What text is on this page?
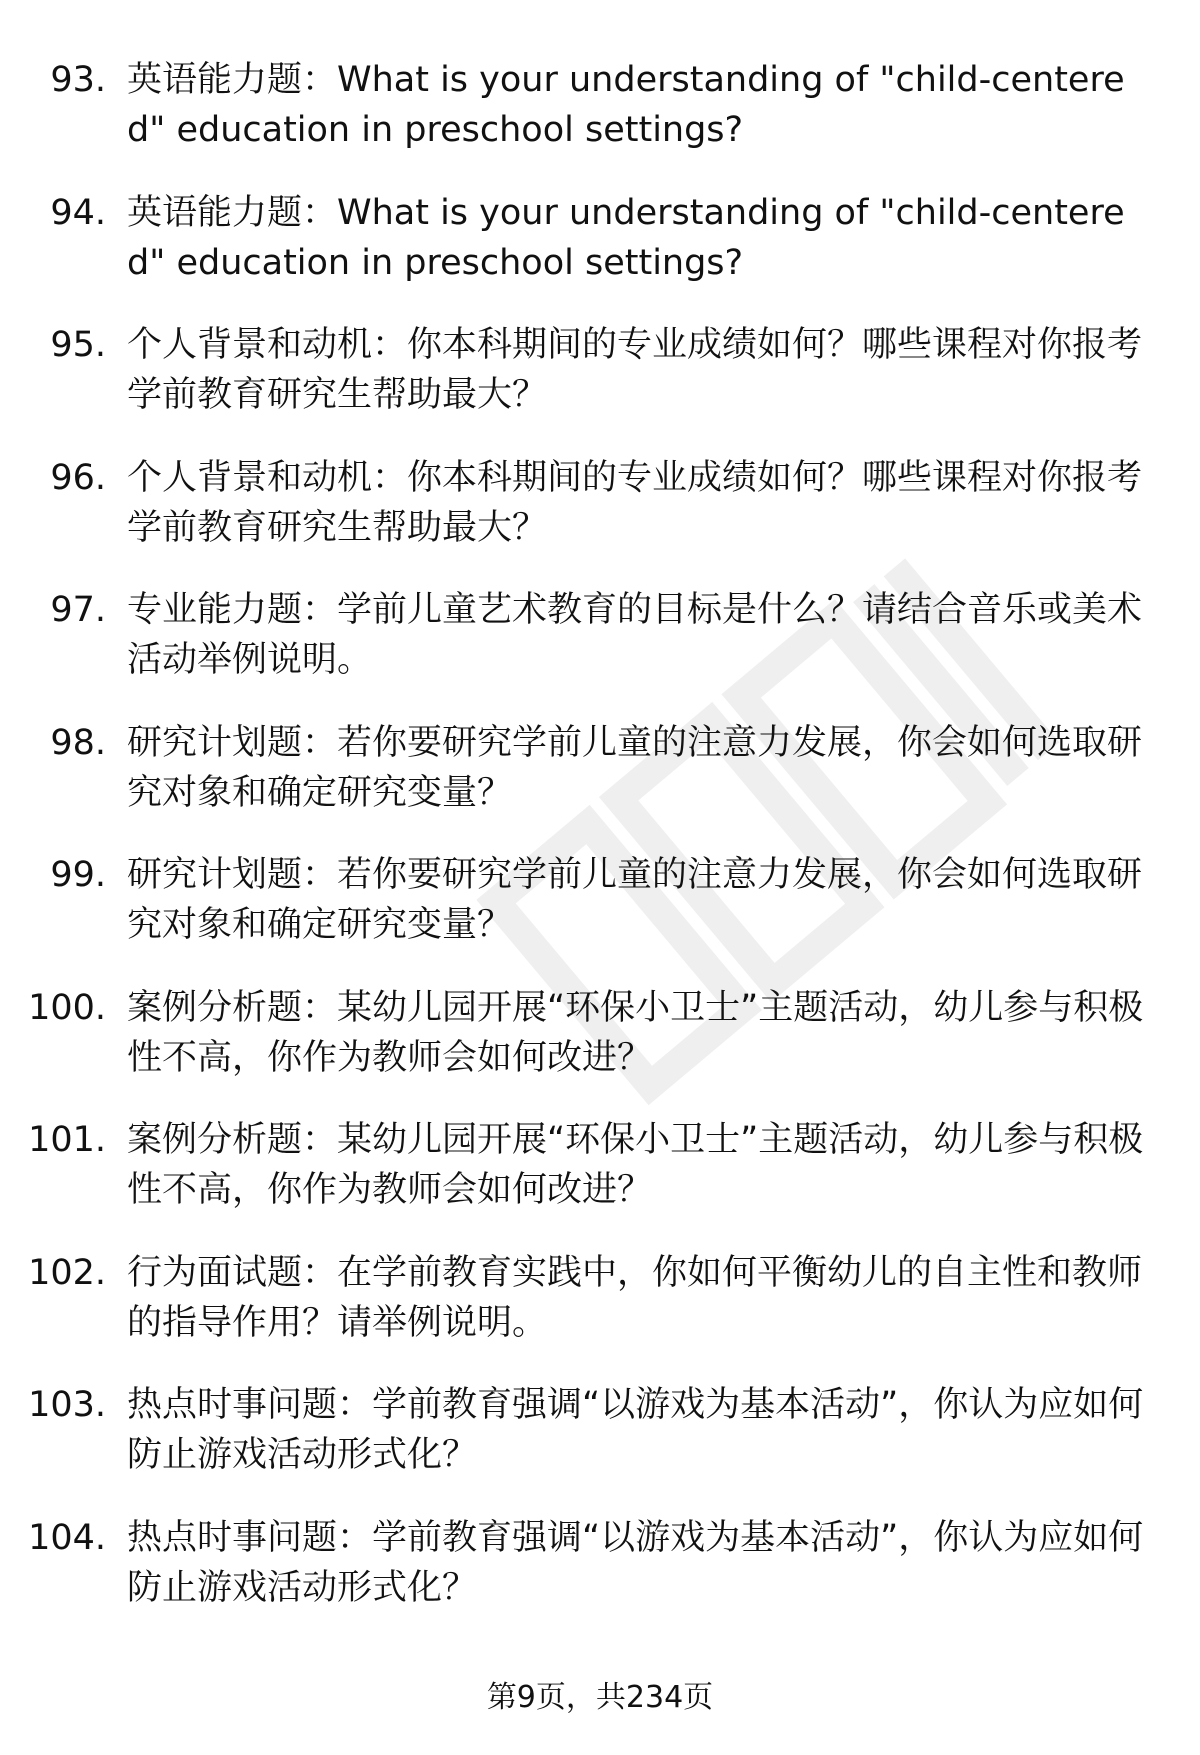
93. 英语能力题：What is your understanding of "child-centered" education in preschool settings?
94. 英语能力题：What is your understanding of "child-centered" education in preschool settings?
95. 个人背景和动机：你本科期间的专业成绩如何？哪些课程对你报考学前教育研究生帮助最大？
96. 个人背景和动机：你本科期间的专业成绩如何？哪些课程对你报考学前教育研究生帮助最大？
97. 专业能力题：学前儿童艺术教育的目标是什么？请结合音乐或美术活动举例说明。
98. 研究计划题：若你要研究学前儿童的注意力发展，你会如何选取研究对象和确定研究变量？
99. 研究计划题：若你要研究学前儿童的注意力发展，你会如何选取研究对象和确定研究变量？
100. 案例分析题：某幼儿园开展“环保小卫士”主题活动，幼儿参与积极性不高，你作为教师会如何改进？
101. 案例分析题：某幼儿园开展“环保小卫士”主题活动，幼儿参与积极性不高，你作为教师会如何改进？
102. 行为面试题：在学前教育实践中，你如何平衡幼儿的自主性和教师的指导作用？请举例说明。
103. 热点时事问题：学前教育强调“以游戏为基本活动”，你认为应如何防止游戏活动形式化？
104. 热点时事问题：学前教育强调“以游戏为基本活动”，你认为应如何防止游戏活动形式化？
第9页，共234页
